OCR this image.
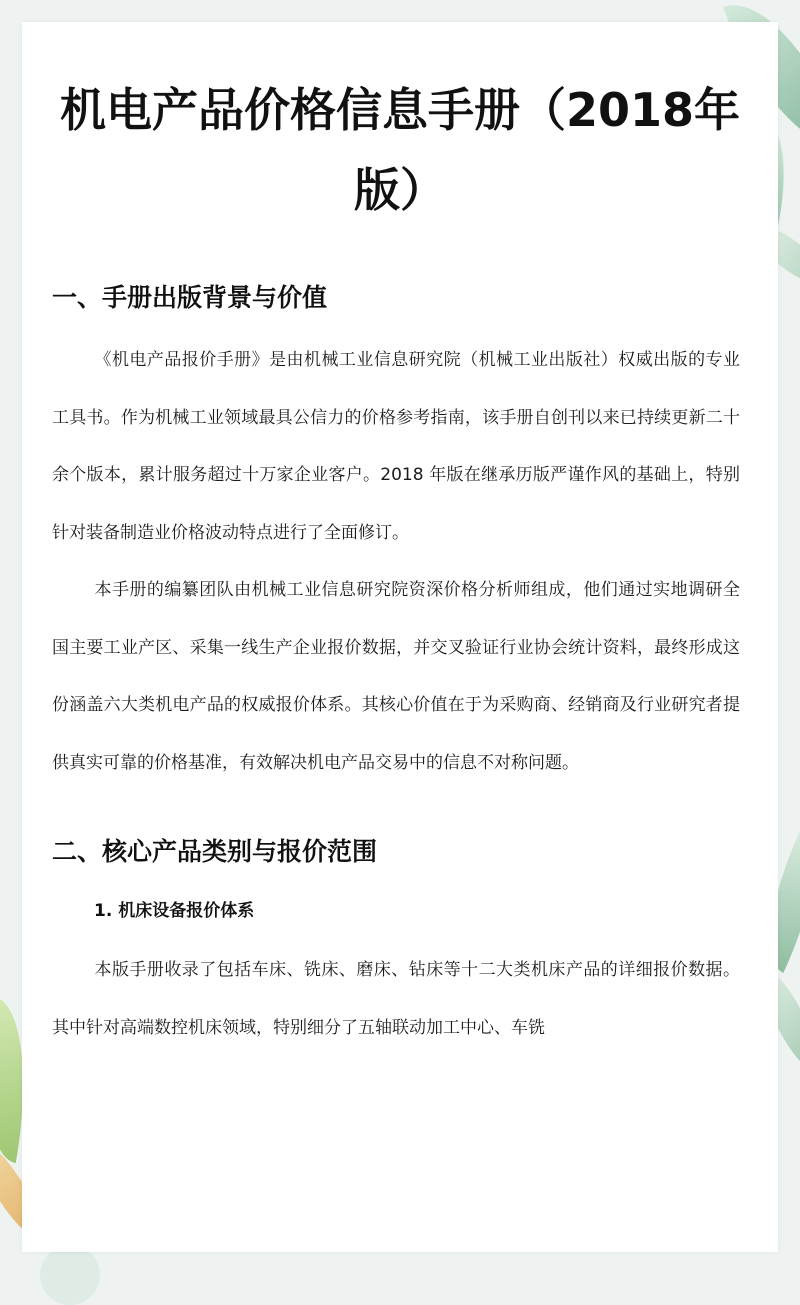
机电产品价格信息手册（2018年版）
一、手册出版背景与价值

《机电产品报价手册》是由机械工业信息研究院（机械工业出版社）权威出版的专业工具书。作为机械工业领域最具公信力的价格参考指南，该手册自创刊以来已持续更新二十余个版本，累计服务超过十万家企业客户。2018 年版在继承历版严谨作风的基础上，特别针对装备制造业价格波动特点进行了全面修订。

本手册的编纂团队由机械工业信息研究院资深价格分析师组成，他们通过实地调研全国主要工业产区、采集一线生产企业报价数据，并交叉验证行业协会统计资料，最终形成这份涵盖六大类机电产品的权威报价体系。其核心价值在于为采购商、经销商及行业研究者提供真实可靠的价格基准，有效解决机电产品交易中的信息不对称问题。

二、核心产品类别与报价范围
1. 机床设备报价体系

本版手册收录了包括车床、铣床、磨床、钻床等十二大类机床产品的详细报价数据。其中针对高端数控机床领域，特别细分了五轴联动加工中心、车铣
